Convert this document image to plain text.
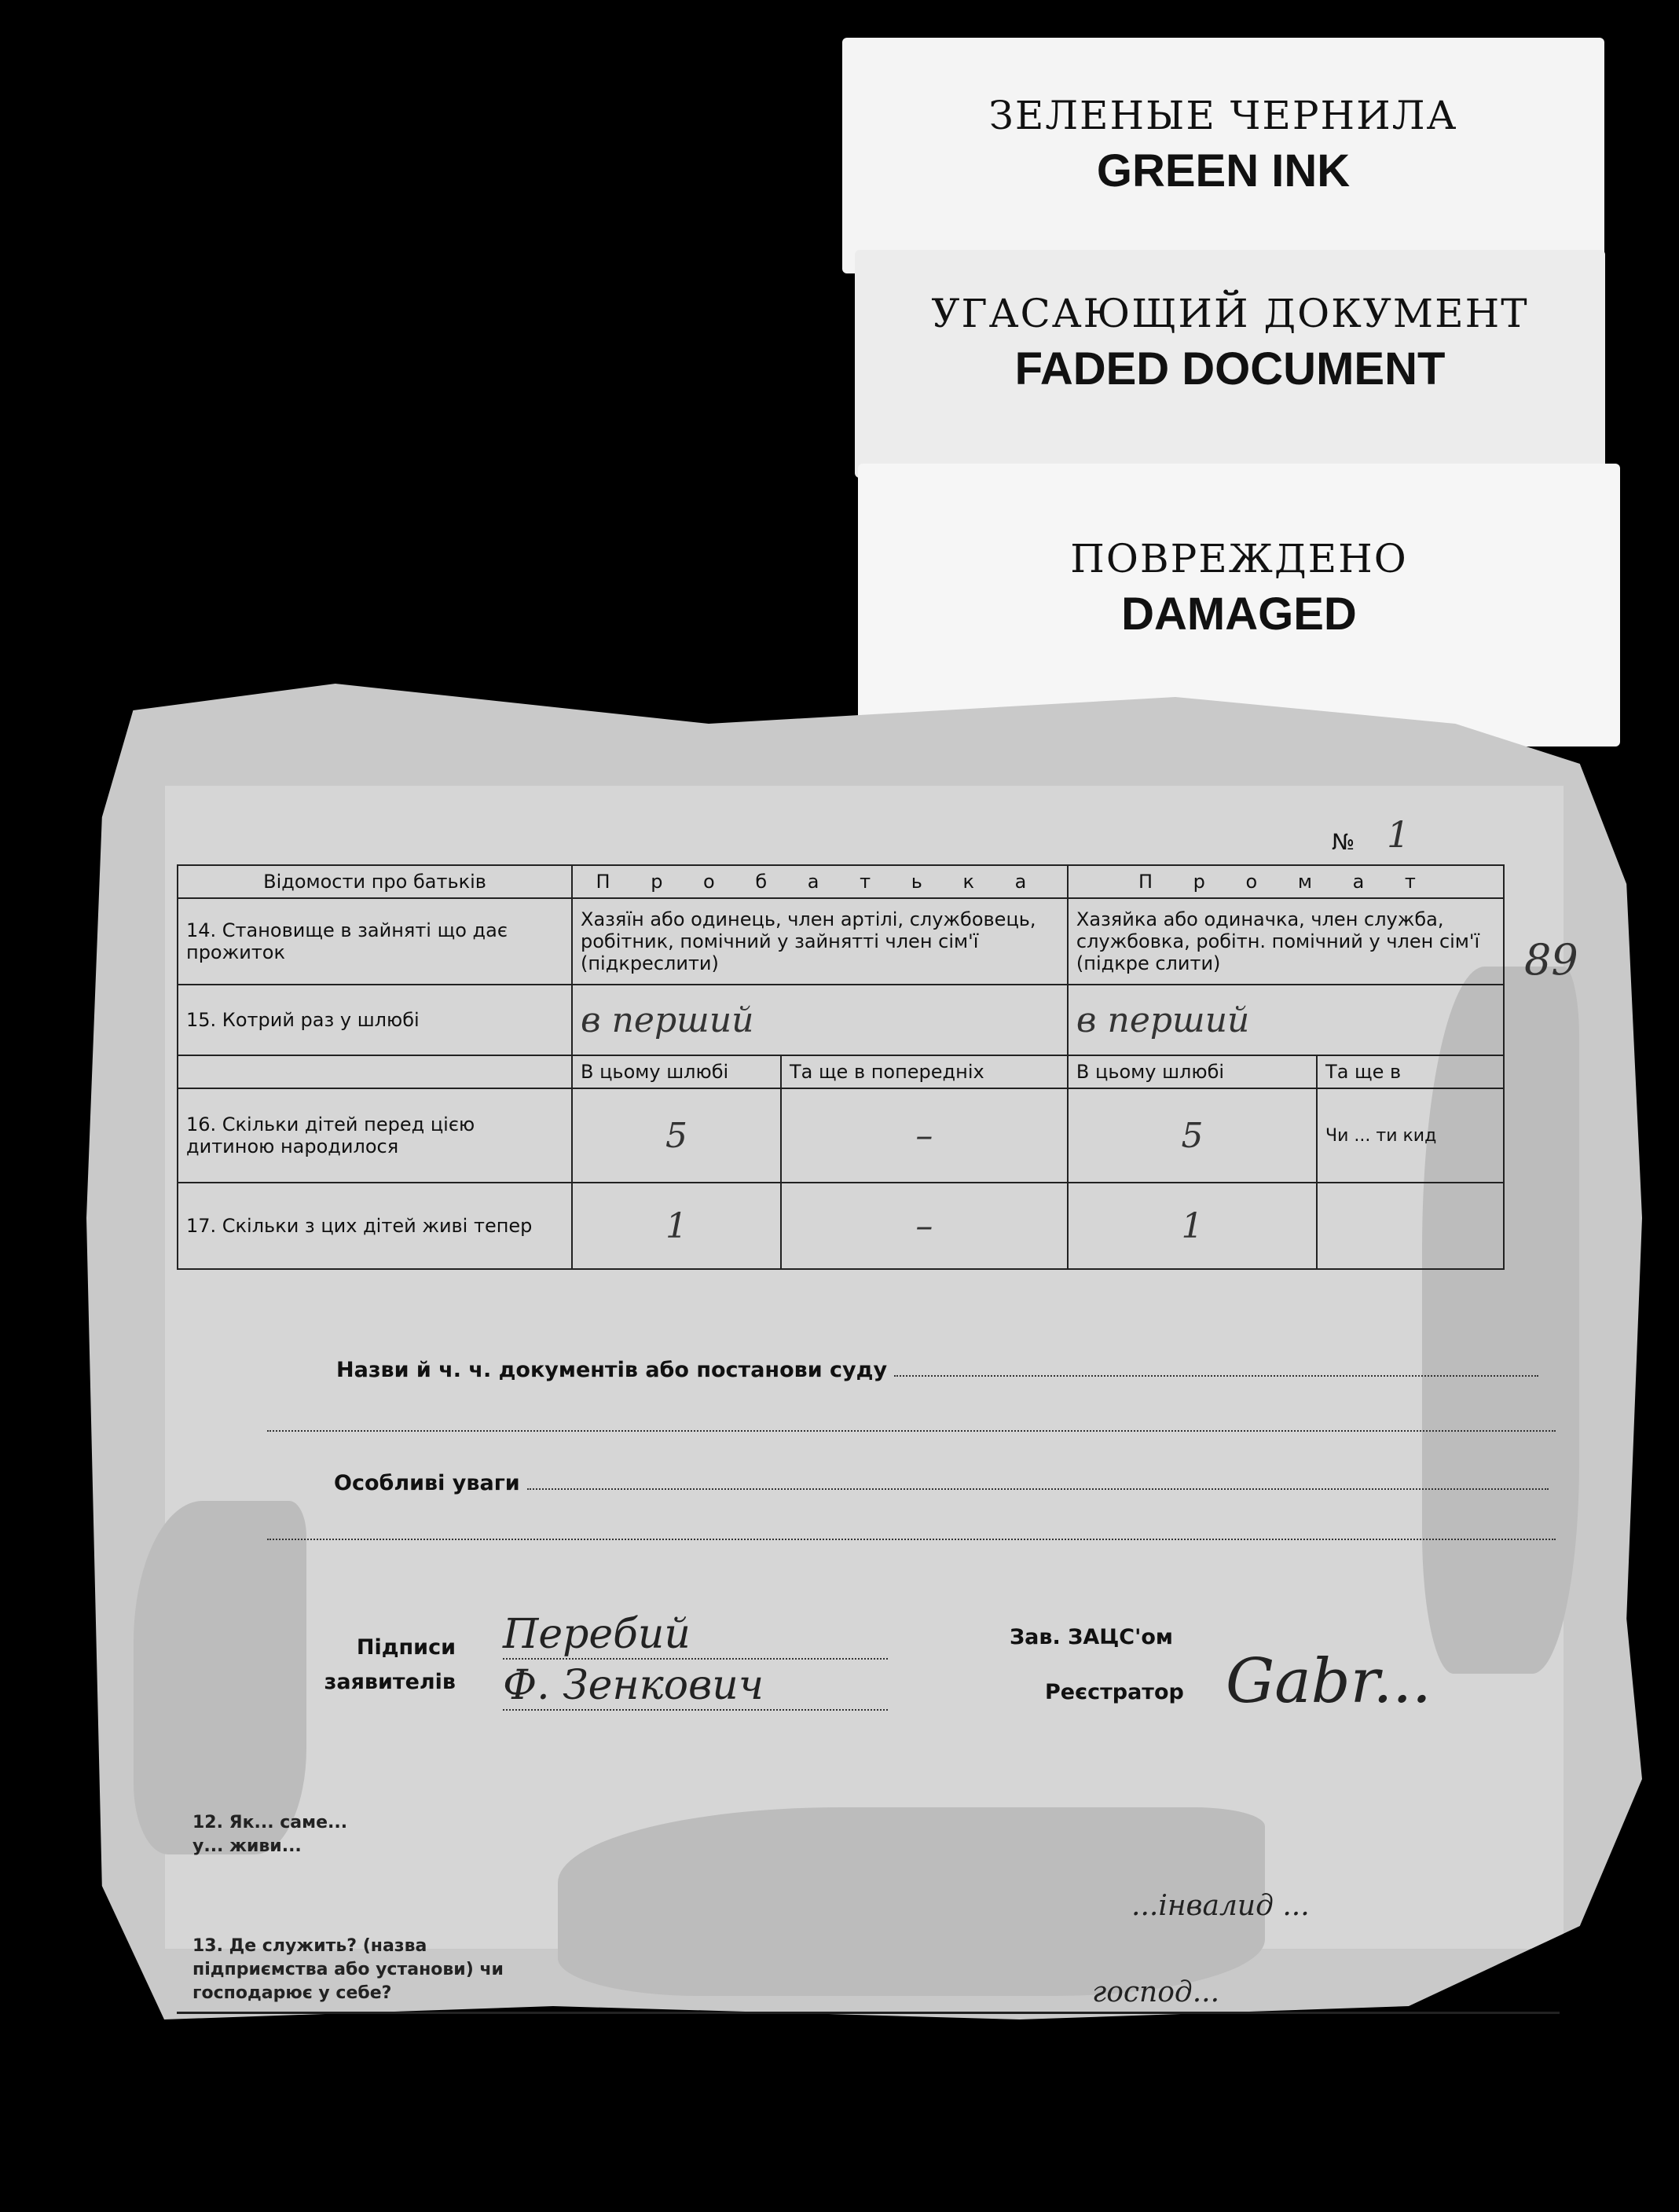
ЗЕЛЕНЫЕ ЧЕРНИЛА
GREEN INK
УГАСАЮЩИЙ ДОКУМЕНТ
FADED DOCUMENT
ПОВРЕЖДЕНО
DAMAGED
№ 1
89
Відомости про батьків	П р о б а т ь к а		П р о м а т	
14. Становище в зайняті що дає прожиток	Хазяїн або одинець, член артілі, службовець, робітник, помічний у зайнятті член сім'ї (підкреслити)		Хазяйка або одиначка, член служба, службовка, робітн. помічний у член сім'ї (підкре слити)	
15. Котрий раз у шлюбі	в перший		в перший	
	В цьому шлюбі	Та ще в попередніх	В цьому шлюбі	Та ще в
16. Скільки дітей перед цією дитиною народилося	5	–	5	Чи ... ти кид
17. Скільки з цих дітей живі тепер	1	–	1	
Назви й ч. ч. документів або постанови суду
Особливі уваги
Підписи заявителів
Перебий
Ф. Зенкович
Зав. ЗАЦС'ом
Реєстратор Gabr...
12. Як... саме... у... живи...
13. Де служить? (назва підприємства або установи) чи господарює у себе?
...інвалид ...
господ...
